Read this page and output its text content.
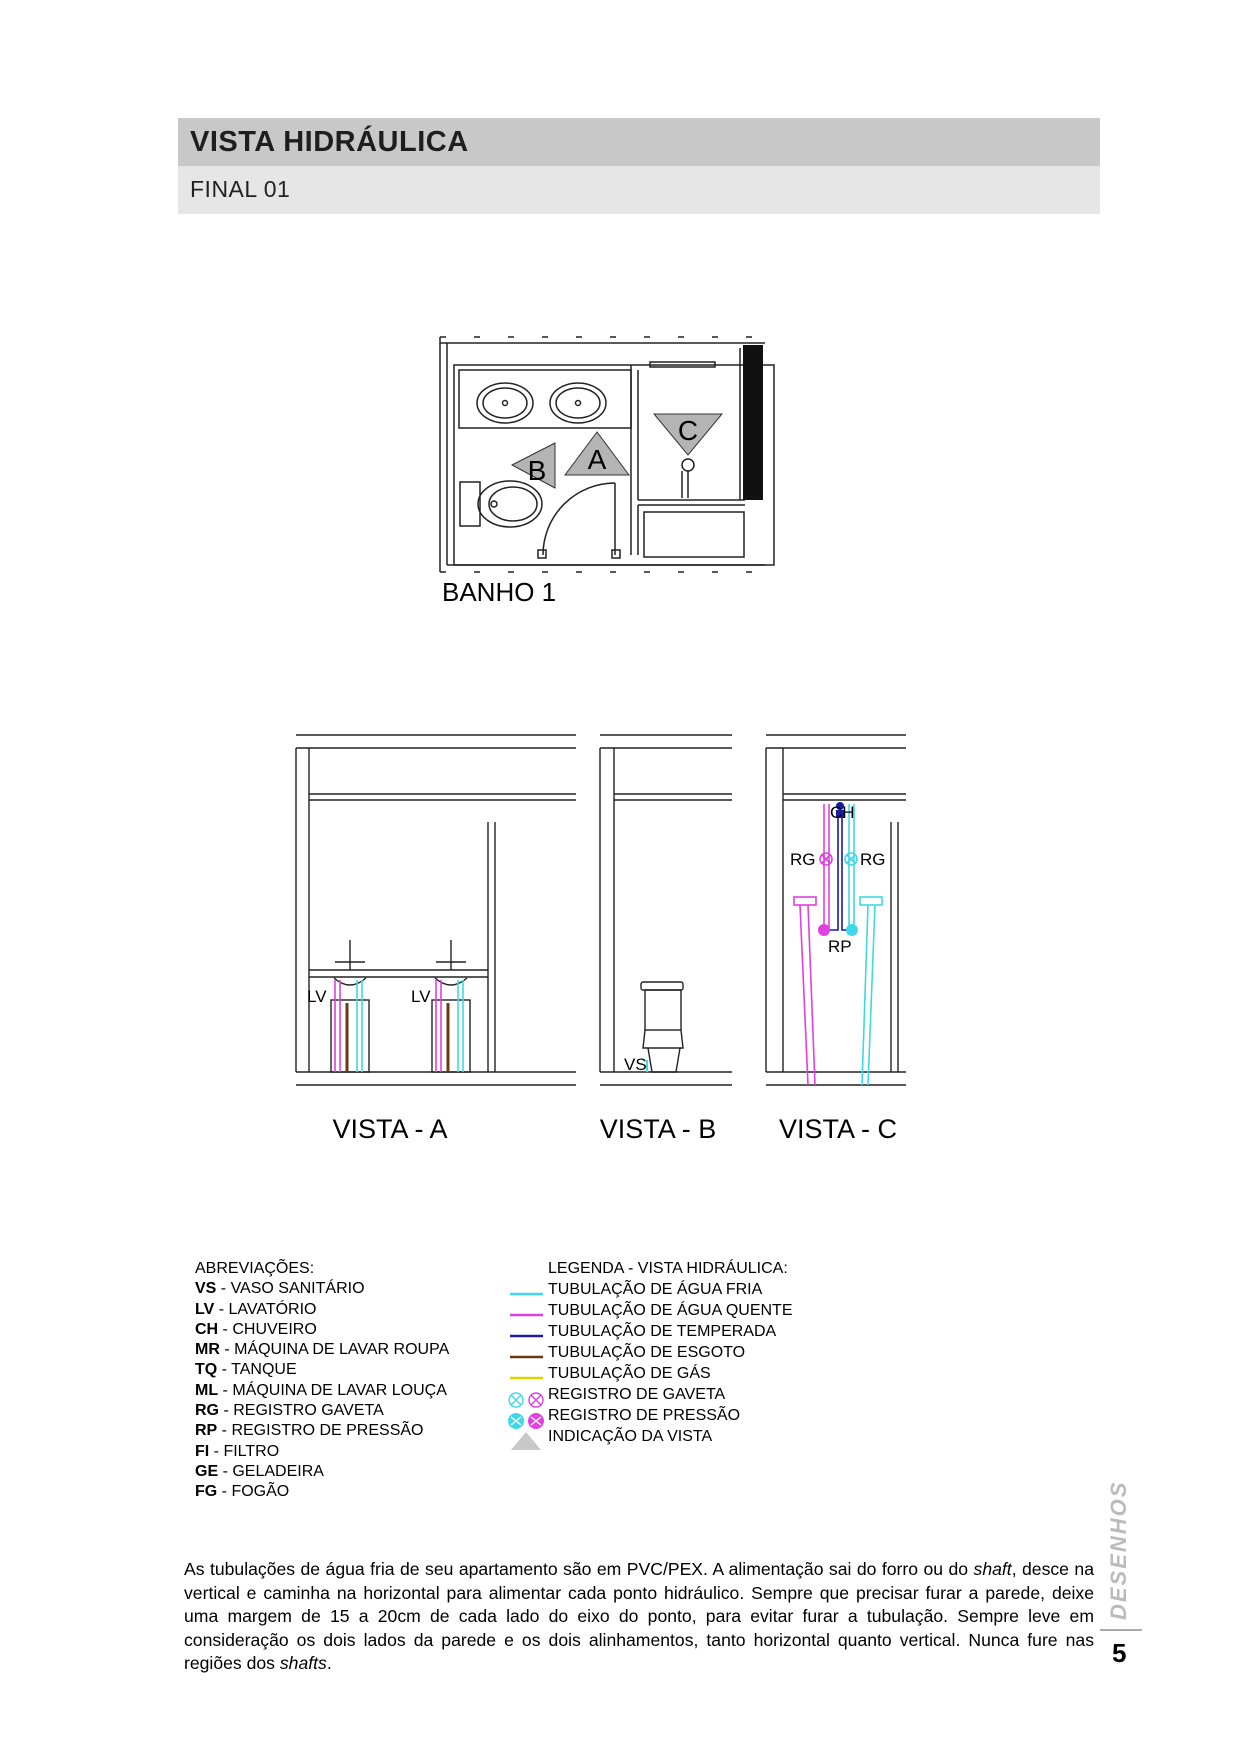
VISTA HIDRÁULICA
FINAL 01
A
B
C
BANHO 1
LV	LV
VISTA - A
VS
VISTA - B
CH
RG	RG
RP
VISTA - C
ABREVIAÇÕES:
VS - VASO SANITÁRIO
LV - LAVATÓRIO
CH - CHUVEIRO
MR - MÁQUINA DE LAVAR ROUPA
TQ - TANQUE
ML - MÁQUINA DE LAVAR LOUÇA
RG - REGISTRO GAVETA
RP - REGISTRO DE PRESSÃO
FI - FILTRO
GE - GELADEIRA
FG - FOGÃO
LEGENDA - VISTA HIDRÁULICA:
TUBULAÇÃO DE ÁGUA FRIA
TUBULAÇÃO DE ÁGUA QUENTE
TUBULAÇÃO DE TEMPERADA
TUBULAÇÃO DE ESGOTO
TUBULAÇÃO DE GÁS
REGISTRO DE GAVETA
REGISTRO DE PRESSÃO
INDICAÇÃO DA VISTA
As tubulações de água fria de seu apartamento são em PVC/PEX. A alimentação sai do forro ou do shaft, desce na vertical e caminha na horizontal para alimentar cada ponto hidráulico. Sempre que precisar furar a parede, deixe uma margem de 15 a 20cm de cada lado do eixo do ponto, para evitar furar a tubulação. Sempre leve em consideração os dois lados da parede e os dois alinhamentos, tanto horizontal quanto vertical. Nunca fure nas regiões dos shafts.
DESENHOS
5
